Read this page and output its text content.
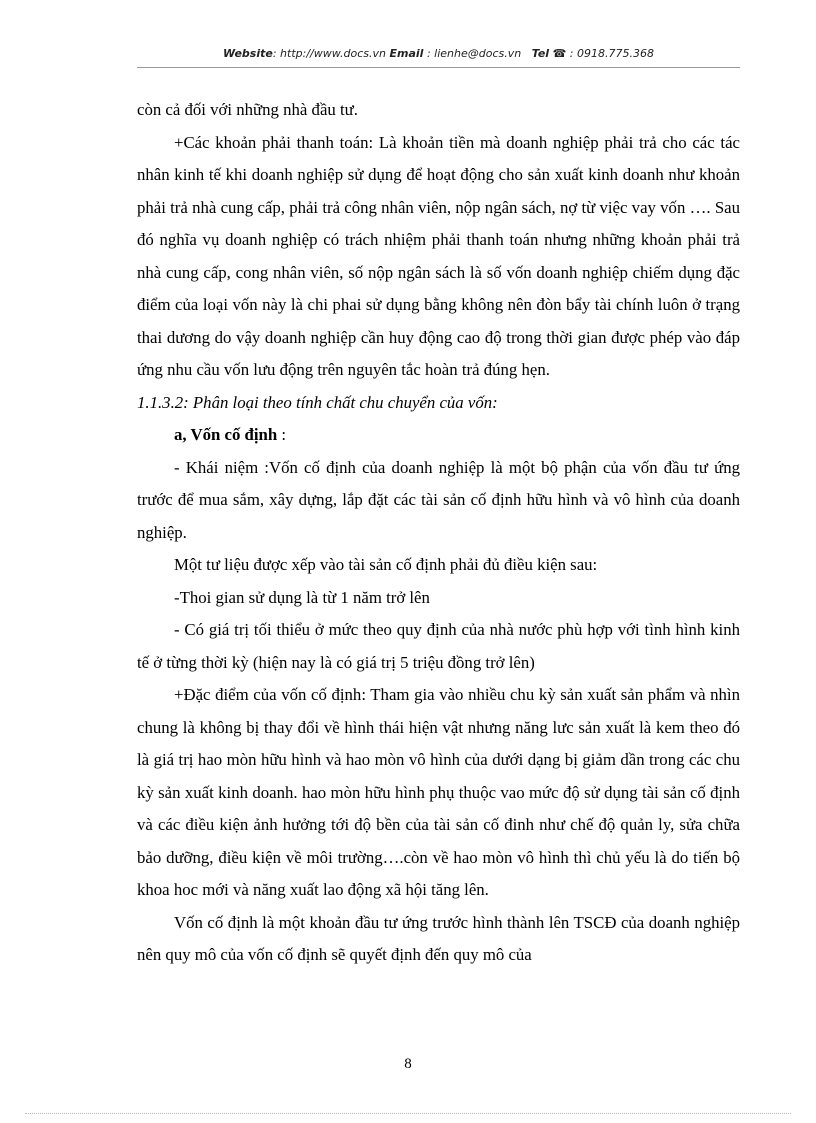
Website: http://www.docs.vn Email : lienhe@docs.vn Tel ☎ : 0918.775.368

còn cả đối với những nhà đầu tư.

+Các khoản phải thanh toán: Là khoản tiền mà doanh nghiệp phải trả cho các tác nhân kinh tế khi doanh nghiệp sử dụng để hoạt động cho sản xuất kinh doanh như khoản phải trả nhà cung cấp, phải trả công nhân viên, nộp ngân sách, nợ từ việc vay vốn …. Sau đó nghĩa vụ doanh nghiệp có trách nhiệm phải thanh toán nhưng những khoản phải trả nhà cung cấp, cong nhân viên, số nộp ngân sách là số vốn doanh nghiệp chiếm dụng đặc điểm của loại vốn này là chi phai sử dụng bằng không nên đòn bẩy tài chính luôn ở trạng thai dương do vậy doanh nghiệp cần huy động cao độ trong thời gian được phép vào đáp ứng nhu cầu vốn lưu động trên nguyên tắc hoàn trả đúng hẹn.

1.1.3.2: Phân loại theo tính chất chu chuyển của vốn:

a, Vốn cố định :

- Khái niệm :Vốn cố định của doanh nghiệp là một bộ phận của vốn đầu tư ứng trước để mua sắm, xây dựng, lắp đặt các tài sản cố định hữu hình và vô hình của doanh nghiệp.

Một tư liệu được xếp vào tài sản cố định phải đủ điều kiện sau:

-Thoi gian sử dụng là từ 1 năm trở lên

- Có giá trị tối thiểu ở mức theo quy định của nhà nước phù hợp với tình hình kinh tế ở từng thời kỳ (hiện nay là có giá trị 5 triệu đồng trở lên)

+Đặc điểm của vốn cố định: Tham gia vào nhiều chu kỳ sản xuất sản phẩm và nhìn chung là không bị thay đổi về hình thái hiện vật nhưng năng lưc sản xuất là kem theo đó là giá trị hao mòn hữu hình và hao mòn vô hình của dưới dạng bị giảm dần trong các chu kỳ sản xuất kinh doanh. hao mòn hữu hình phụ thuộc vao mức độ sử dụng tài sản cố định và các điều kiện ảnh hưởng tới độ bền của tài sản cố đinh như chế độ quản ly, sửa chữa bảo dưỡng, điều kiện về môi trường….còn về hao mòn vô hình thì chủ yếu là do tiến bộ khoa hoc mới và năng xuất lao động xã hội tăng lên.

Vốn cố định là một khoản đầu tư ứng trước hình thành lên TSCĐ của doanh nghiệp nên quy mô của vốn cố định sẽ quyết định đến quy mô của

8
